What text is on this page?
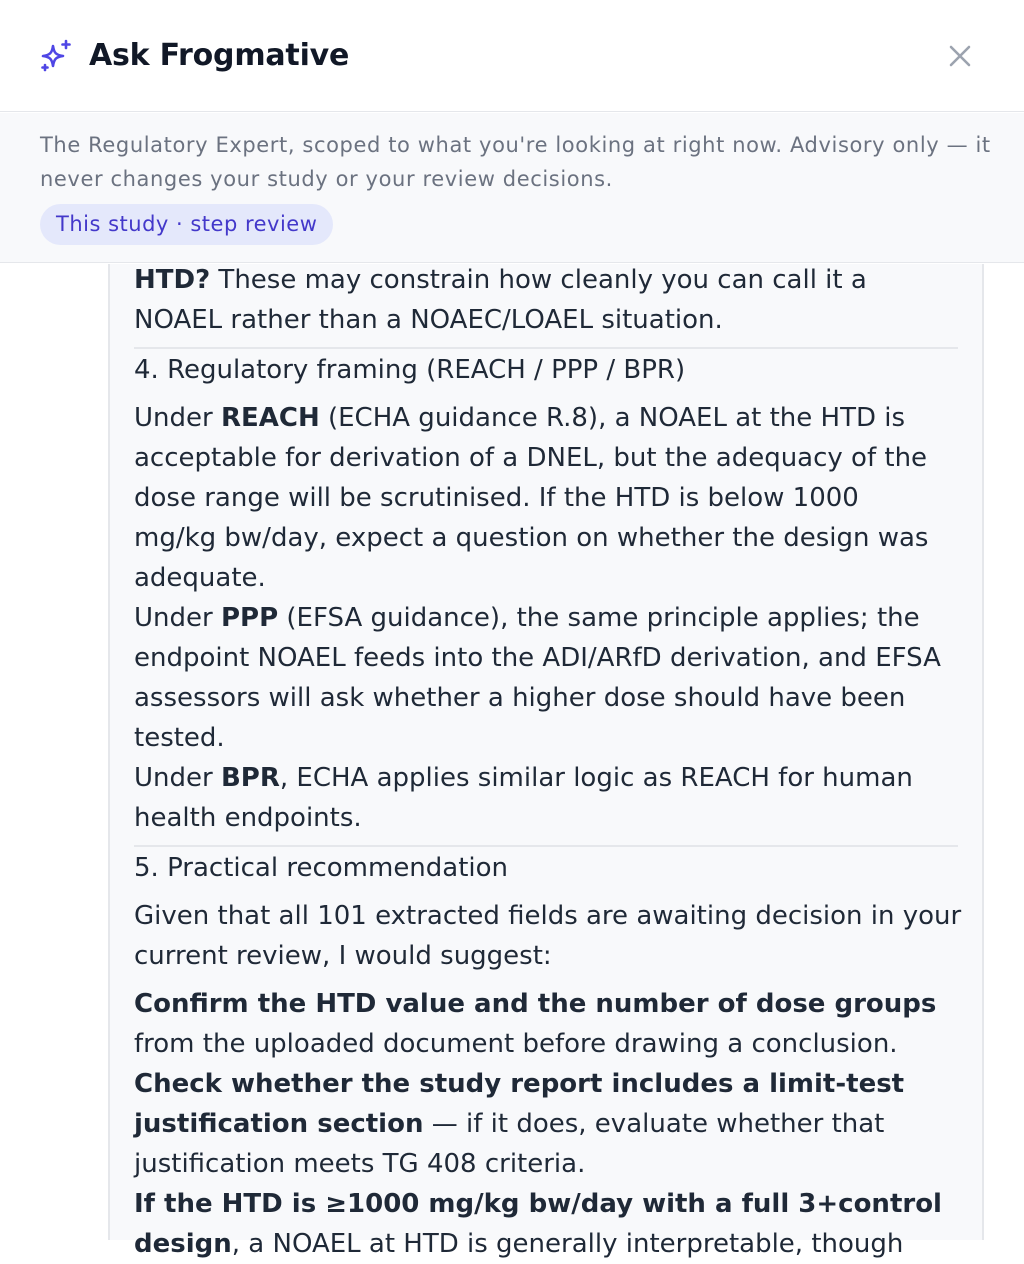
Ask Frogmative
The Regulatory Expert, scoped to what you're looking at right now. Advisory only — it
never changes your study or your review decisions.
This study · step review
HTD? These may constrain how cleanly you can call it a
NOAEL rather than a NOAEC/LOAEL situation.
4. Regulatory framing (REACH / PPP / BPR)
Under REACH (ECHA guidance R.8), a NOAEL at the HTD is
acceptable for derivation of a DNEL, but the adequacy of the
dose range will be scrutinised. If the HTD is below 1000
mg/kg bw/day, expect a question on whether the design was
adequate.
Under PPP (EFSA guidance), the same principle applies; the
endpoint NOAEL feeds into the ADI/ARfD derivation, and EFSA
assessors will ask whether a higher dose should have been
tested.
Under BPR, ECHA applies similar logic as REACH for human
health endpoints.
5. Practical recommendation
Given that all 101 extracted fields are awaiting decision in your
current review, I would suggest:
Confirm the HTD value and the number of dose groups
from the uploaded document before drawing a conclusion.
Check whether the study report includes a limit-test
justification section — if it does, evaluate whether that
justification meets TG 408 criteria.
If the HTD is ≥1000 mg/kg bw/day with a full 3+control
design, a NOAEL at HTD is generally interpretable, though
